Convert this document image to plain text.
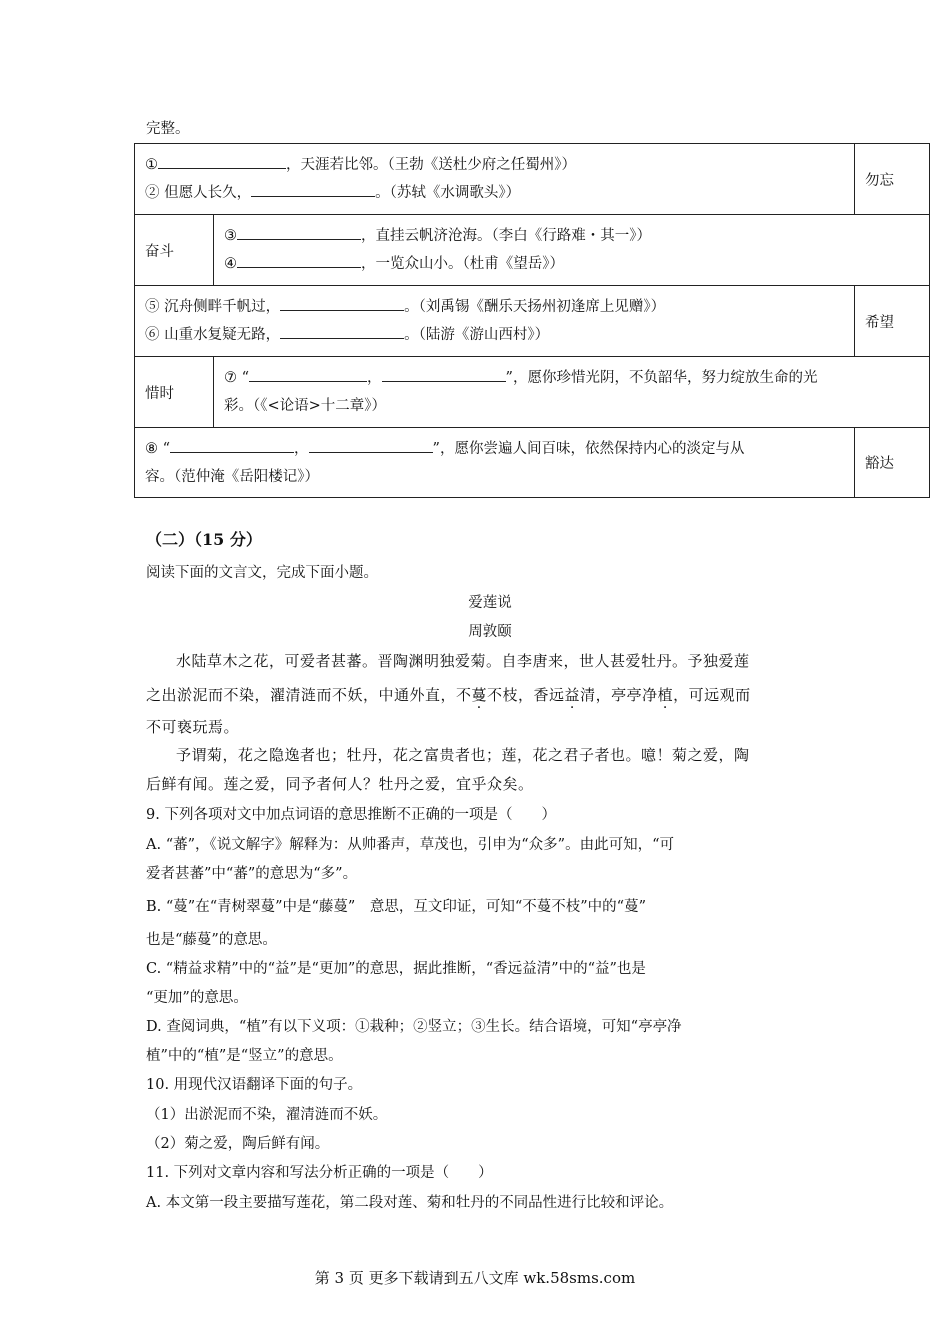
完整。
① ，天涯若比邻。（王勃《送杜少府之任蜀州》）
② 但愿人长久， 。（苏轼《水调歌头》）		勿忘
奋斗	③ ，直挂云帆济沧海。（李白《行路难・其一》）
④ ，一览众山小。（杜甫《望岳》）	

⑤ 沉舟侧畔千帆过， 。（刘禹锡《酬乐天扬州初逢席上见赠》）
⑥ 山重水复疑无路， 。（陆游《游山西村》）		希望
惜时	⑦ “ ， ”，愿你珍惜光阴，不负韶华，努力绽放生命的光
彩。（《<论语>十二章》）	

⑧ “ ， ”，愿你尝遍人间百味，依然保持内心的淡定与从
容。（范仲淹《岳阳楼记》）		豁达
（二）（15 分）
阅读下面的文言文，完成下面小题。
爱莲说
周敦颐
水陆草木之花，可爱者甚蕃。晋陶渊明独爱菊。自李唐来，世人甚爱牡丹。予独爱莲
之出淤泥而不染，濯清涟而不妖，中通外直，不蔓不枝，香远益清，亭亭净植，可远观而
不可亵玩焉。
予谓菊，花之隐逸者也；牡丹，花之富贵者也；莲，花之君子者也。噫！菊之爱，陶
后鲜有闻。莲之爱，同予者何人？牡丹之爱，宜乎众矣。
9. 下列各项对文中加点词语的意思推断不正确的一项是（　　）
A. “蕃”，《说文解字》解释为：从帅番声，草茂也，引申为“众多”。由此可知，“可
爱者甚蕃”中“蕃”的意思为“多”。
B. “蔓”在“青树翠蔓”中是“藤蔓”　意思，互文印证，可知“不蔓不枝”中的“蔓”
也是“藤蔓”的意思。
C. “精益求精”中的“益”是“更加”的意思，据此推断，“香远益清”中的“益”也是
“更加”的意思。
D. 查阅词典，“植”有以下义项：①栽种；②竖立；③生长。结合语境，可知“亭亭净
植”中的“植”是“竖立”的意思。
10. 用现代汉语翻译下面的句子。
（1）出淤泥而不染，濯清涟而不妖。
（2）菊之爱，陶后鲜有闻。
11. 下列对文章内容和写法分析正确的一项是（　　）
A. 本文第一段主要描写莲花，第二段对莲、菊和牡丹的不同品性进行比较和评论。
第 3 页 更多下载请到五八文库 wk.58sms.com
